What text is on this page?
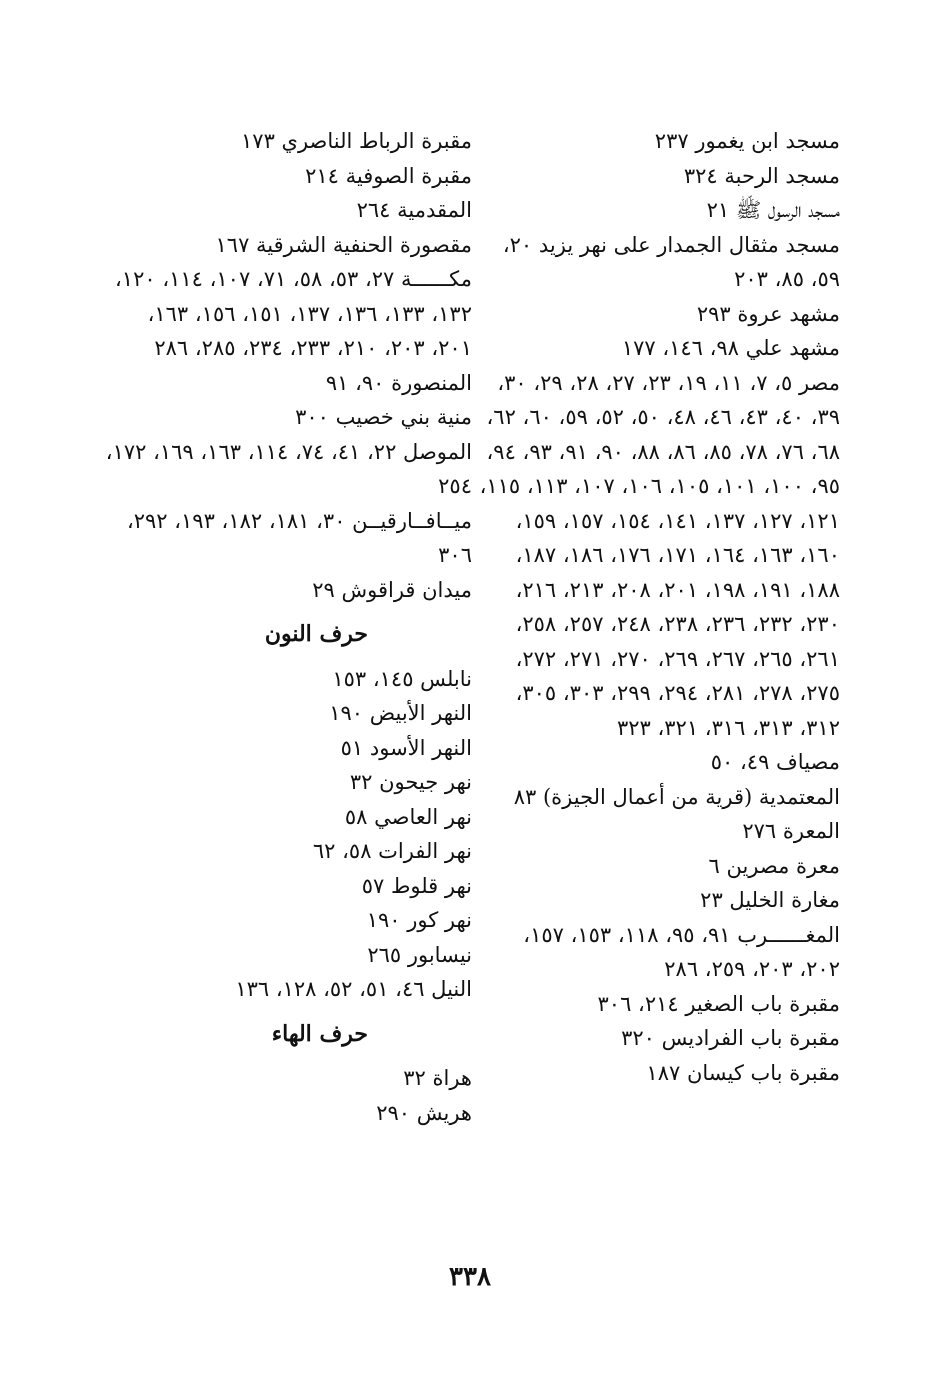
مسجد ابن يغمور ٢٣٧

مسجد الرحبة ٣٢٤

مسجد الرسول ﷺ ٢١

مسجد مثقال الجمدار على نهر يزيد ٢٠، ٥٩، ٨٥، ٢٠٣

مشهد عروة ٢٩٣

مشهد علي ٩٨، ١٤٦، ١٧٧

مصر ٥، ٧، ١١، ١٩، ٢٣، ٢٧، ٢٨، ٢٩، ٣٠، ٣٩، ٤٠، ٤٣، ٤٦، ٤٨، ٥٠، ٥٢، ٥٩، ٦٠، ٦٢، ٦٨، ٧٦، ٧٨، ٨٥، ٨٦، ٨٨، ٩٠، ٩١، ٩٣، ٩٤، ٩٥، ١٠٠، ١٠١، ١٠٥، ١٠٦، ١٠٧، ١١٣، ١١٥، ١٢١، ١٢٧، ١٣٧، ١٤١، ١٥٤، ١٥٧، ١٥٩، ١٦٠، ١٦٣، ١٦٤، ١٧١، ١٧٦، ١٨٦، ١٨٧، ١٨٨، ١٩١، ١٩٨، ٢٠١، ٢٠٨، ٢١٣، ٢١٦، ٢٣٠، ٢٣٢، ٢٣٦، ٢٣٨، ٢٤٨، ٢٥٧، ٢٥٨، ٢٦١، ٢٦٥، ٢٦٧، ٢٦٩، ٢٧٠، ٢٧١، ٢٧٢، ٢٧٥، ٢٧٨، ٢٨١، ٢٩٤، ٢٩٩، ٣٠٣، ٣٠٥، ٣١٢، ٣١٣، ٣١٦، ٣٢١، ٣٢٣

مصياف ٤٩، ٥٠

المعتمدية (قرية من أعمال الجيزة) ٨٣

المعرة ٢٧٦

معرة مصرين ٦

مغارة الخليل ٢٣

المغــــــرب ٩١، ٩٥، ١١٨، ١٥٣، ١٥٧، ٢٠٢، ٢٠٣، ٢٥٩، ٢٨٦

مقبرة باب الصغير ٢١٤، ٣٠٦

مقبرة باب الفراديس ٣٢٠

مقبرة باب كيسان ١٨٧

مقبرة الرباط الناصري ١٧٣

مقبرة الصوفية ٢١٤

المقدمية ٢٦٤

مقصورة الحنفية الشرقية ١٦٧

مكــــــة ٢٧، ٥٣، ٥٨، ٧١، ١٠٧، ١١٤، ١٢٠، ١٣٢، ١٣٣، ١٣٦، ١٣٧، ١٥١، ١٥٦، ١٦٣، ٢٠١، ٢٠٣، ٢١٠، ٢٣٣، ٢٣٤، ٢٨٥، ٢٨٦

المنصورة ٩٠، ٩١

منية بني خصيب ٣٠٠

الموصل ٢٢، ٤١، ٧٤، ١١٤، ١٦٣، ١٦٩، ١٧٢، ٢٥٤

ميــافــارقيــن ٣٠، ١٨١، ١٨٢، ١٩٣، ٢٩٢، ٣٠٦

ميدان قراقوش ٢٩

حرف النون

نابلس ١٤٥، ١٥٣

النهر الأبيض ١٩٠

النهر الأسود ٥١

نهر جيحون ٣٢

نهر العاصي ٥٨

نهر الفرات ٥٨، ٦٢

نهر قلوط ٥٧

نهر كور ١٩٠

نيسابور ٢٦٥

النيل ٤٦، ٥١، ٥٢، ١٢٨، ١٣٦

حرف الهاء

هراة ٣٢

هريش ٢٩٠

٣٣٨
